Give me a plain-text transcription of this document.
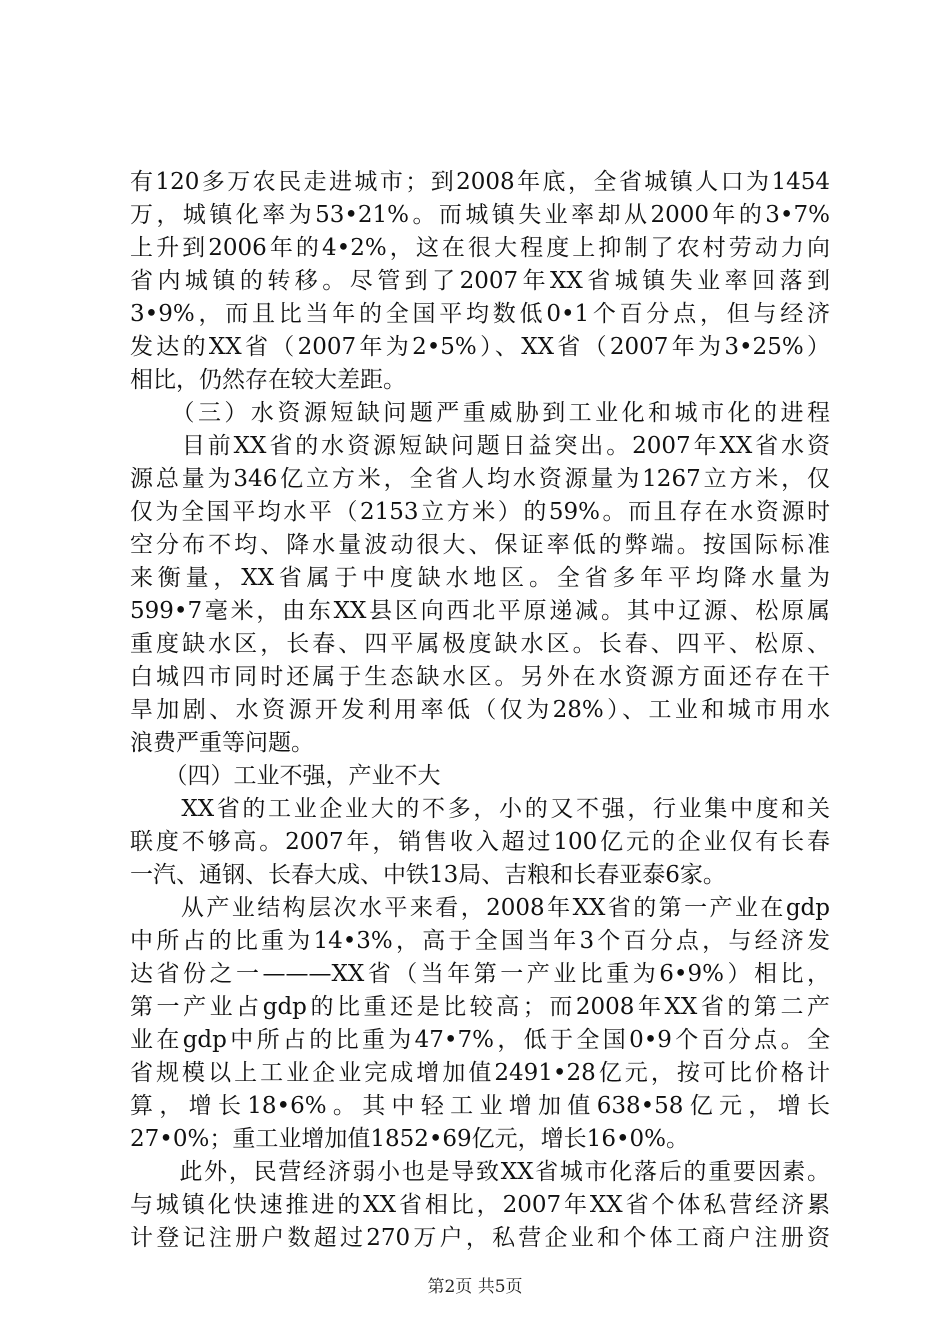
有120多万农民走进城市；到2008年底，全省城镇人口为1454
万，城镇化率为53•21%。而城镇失业率却从2000年的3•7%
上升到2006年的4•2%，这在很大程度上抑制了农村劳动力向
省内城镇的转移。尽管到了2007年XX省城镇失业率回落到
3•9%，而且比当年的全国平均数低0•1个百分点，但与经济
发达的XX省（2007年为2•5%）、XX省（2007年为3•25%）
相比，仍然存在较大差距。
　　（三）水资源短缺问题严重威胁到工业化和城市化的进程
　　目前XX省的水资源短缺问题日益突出。2007年XX省水资
源总量为346亿立方米，全省人均水资源量为1267立方米，仅
仅为全国平均水平（2153立方米）的59%。而且存在水资源时
空分布不均、降水量波动很大、保证率低的弊端。按国际标准
来衡量，XX省属于中度缺水地区。全省多年平均降水量为
599•7毫米，由东XX县区向西北平原递减。其中辽源、松原属
重度缺水区，长春、四平属极度缺水区。长春、四平、松原、
白城四市同时还属于生态缺水区。另外在水资源方面还存在干
旱加剧、水资源开发利用率低（仅为28%）、工业和城市用水
浪费严重等问题。
　　（四）工业不强，产业不大
　　XX省的工业企业大的不多，小的又不强，行业集中度和关
联度不够高。2007年，销售收入超过100亿元的企业仅有长春
一汽、通钢、长春大成、中铁13局、吉粮和长春亚泰6家。
　　从产业结构层次水平来看，2008年XX省的第一产业在gdp
中所占的比重为14•3%，高于全国当年3个百分点，与经济发
达省份之一———XX省（当年第一产业比重为6•9%）相比，
第一产业占gdp的比重还是比较高；而2008年XX省的第二产
业在gdp中所占的比重为47•7%，低于全国0•9个百分点。全
省规模以上工业企业完成增加值2491•28亿元，按可比价格计
算，增长18•6%。其中轻工业增加值638•58亿元，增长
27•0%；重工业增加值1852•69亿元，增长16•0%。
　　此外，民营经济弱小也是导致XX省城市化落后的重要因素。
与城镇化快速推进的XX省相比，2007年XX省个体私营经济累
计登记注册户数超过270万户，私营企业和个体工商户注册资
第2页 共5页
